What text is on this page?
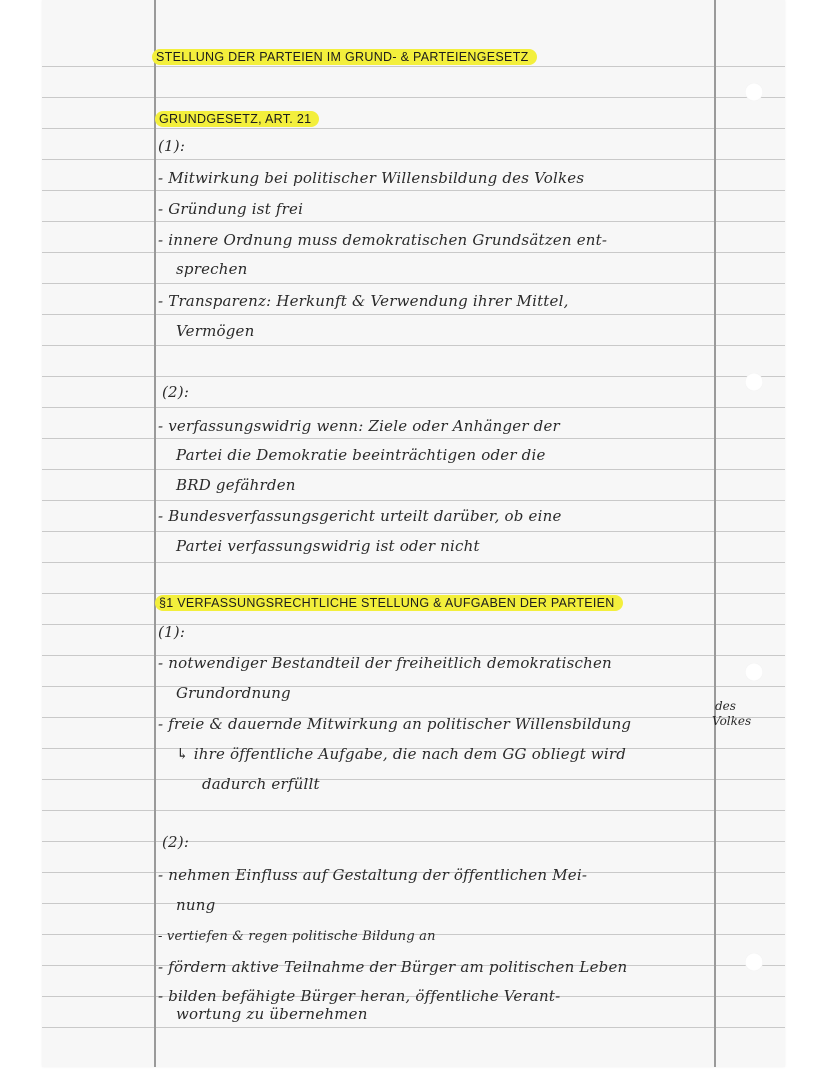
STELLUNG DER PARTEIEN IM GRUND- & PARTEIENGESETZ
GRUNDGESETZ, ART. 21
(1):
- Mitwirkung bei politischer Willensbildung des Volkes
- Gründung ist frei
- innere Ordnung muss demokratischen Grundsätzen ent-
sprechen
- Transparenz: Herkunft & Verwendung ihrer Mittel,
Vermögen
(2):
- verfassungswidrig wenn: Ziele oder Anhänger der
Partei die Demokratie beeinträchtigen oder die
BRD gefährden
- Bundesverfassungsgericht urteilt darüber, ob eine
Partei verfassungswidrig ist oder nicht
§1 VERFASSUNGSRECHTLICHE STELLUNG & AUFGABEN DER PARTEIEN
(1):
- notwendiger Bestandteil der freiheitlich demokratischen
Grundordnung
- freie & dauernde Mitwirkung an politischer Willensbildung
des
Volkes
↳ ihre öffentliche Aufgabe, die nach dem GG obliegt wird
dadurch erfüllt
(2):
- nehmen Einfluss auf Gestaltung der öffentlichen Mei-
nung
- vertiefen & regen politische Bildung an
- fördern aktive Teilnahme der Bürger am politischen Leben
- bilden befähigte Bürger heran, öffentliche Verant-
wortung zu übernehmen
